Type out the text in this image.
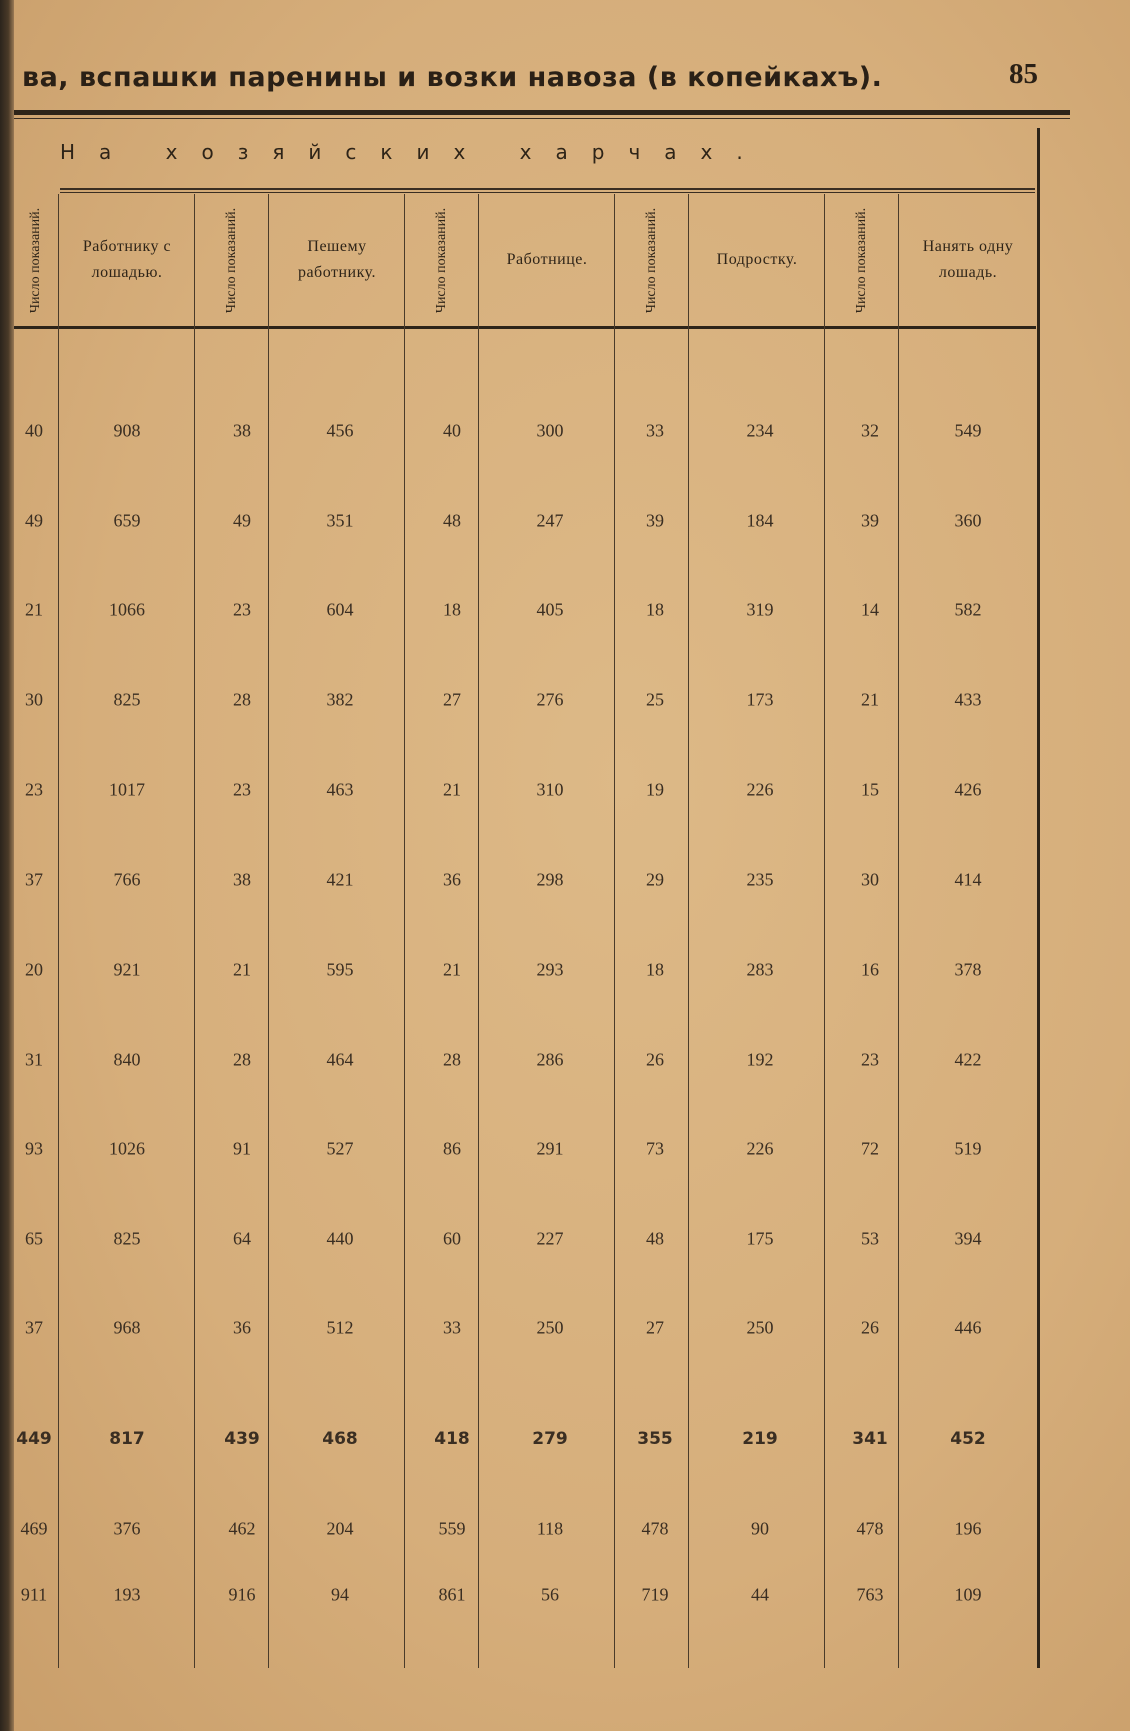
ва, вспашки паренины и возки навоза (в копейкахъ).	85
На хозяйских харчах.
Число показаний.	Работнику с лошадью.	Число показаний.	Пешему работнику.	Число показаний.	Работнице.	Число показаний.	Подростку.	Число показаний.	Нанять одну лошадь.
40	908	38	456	40	300	33	234	32	549
49	659	49	351	48	247	39	184	39	360
21	1066	23	604	18	405	18	319	14	582
30	825	28	382	27	276	25	173	21	433
23	1017	23	463	21	310	19	226	15	426
37	766	38	421	36	298	29	235	30	414
20	921	21	595	21	293	18	283	16	378
31	840	28	464	28	286	26	192	23	422
93	1026	91	527	86	291	73	226	72	519
65	825	64	440	60	227	48	175	53	394
37	968	36	512	33	250	27	250	26	446
449	817	439	468	418	279	355	219	341	452
469	376	462	204	559	118	478	90	478	196
911	193	916	94	861	56	719	44	763	109
